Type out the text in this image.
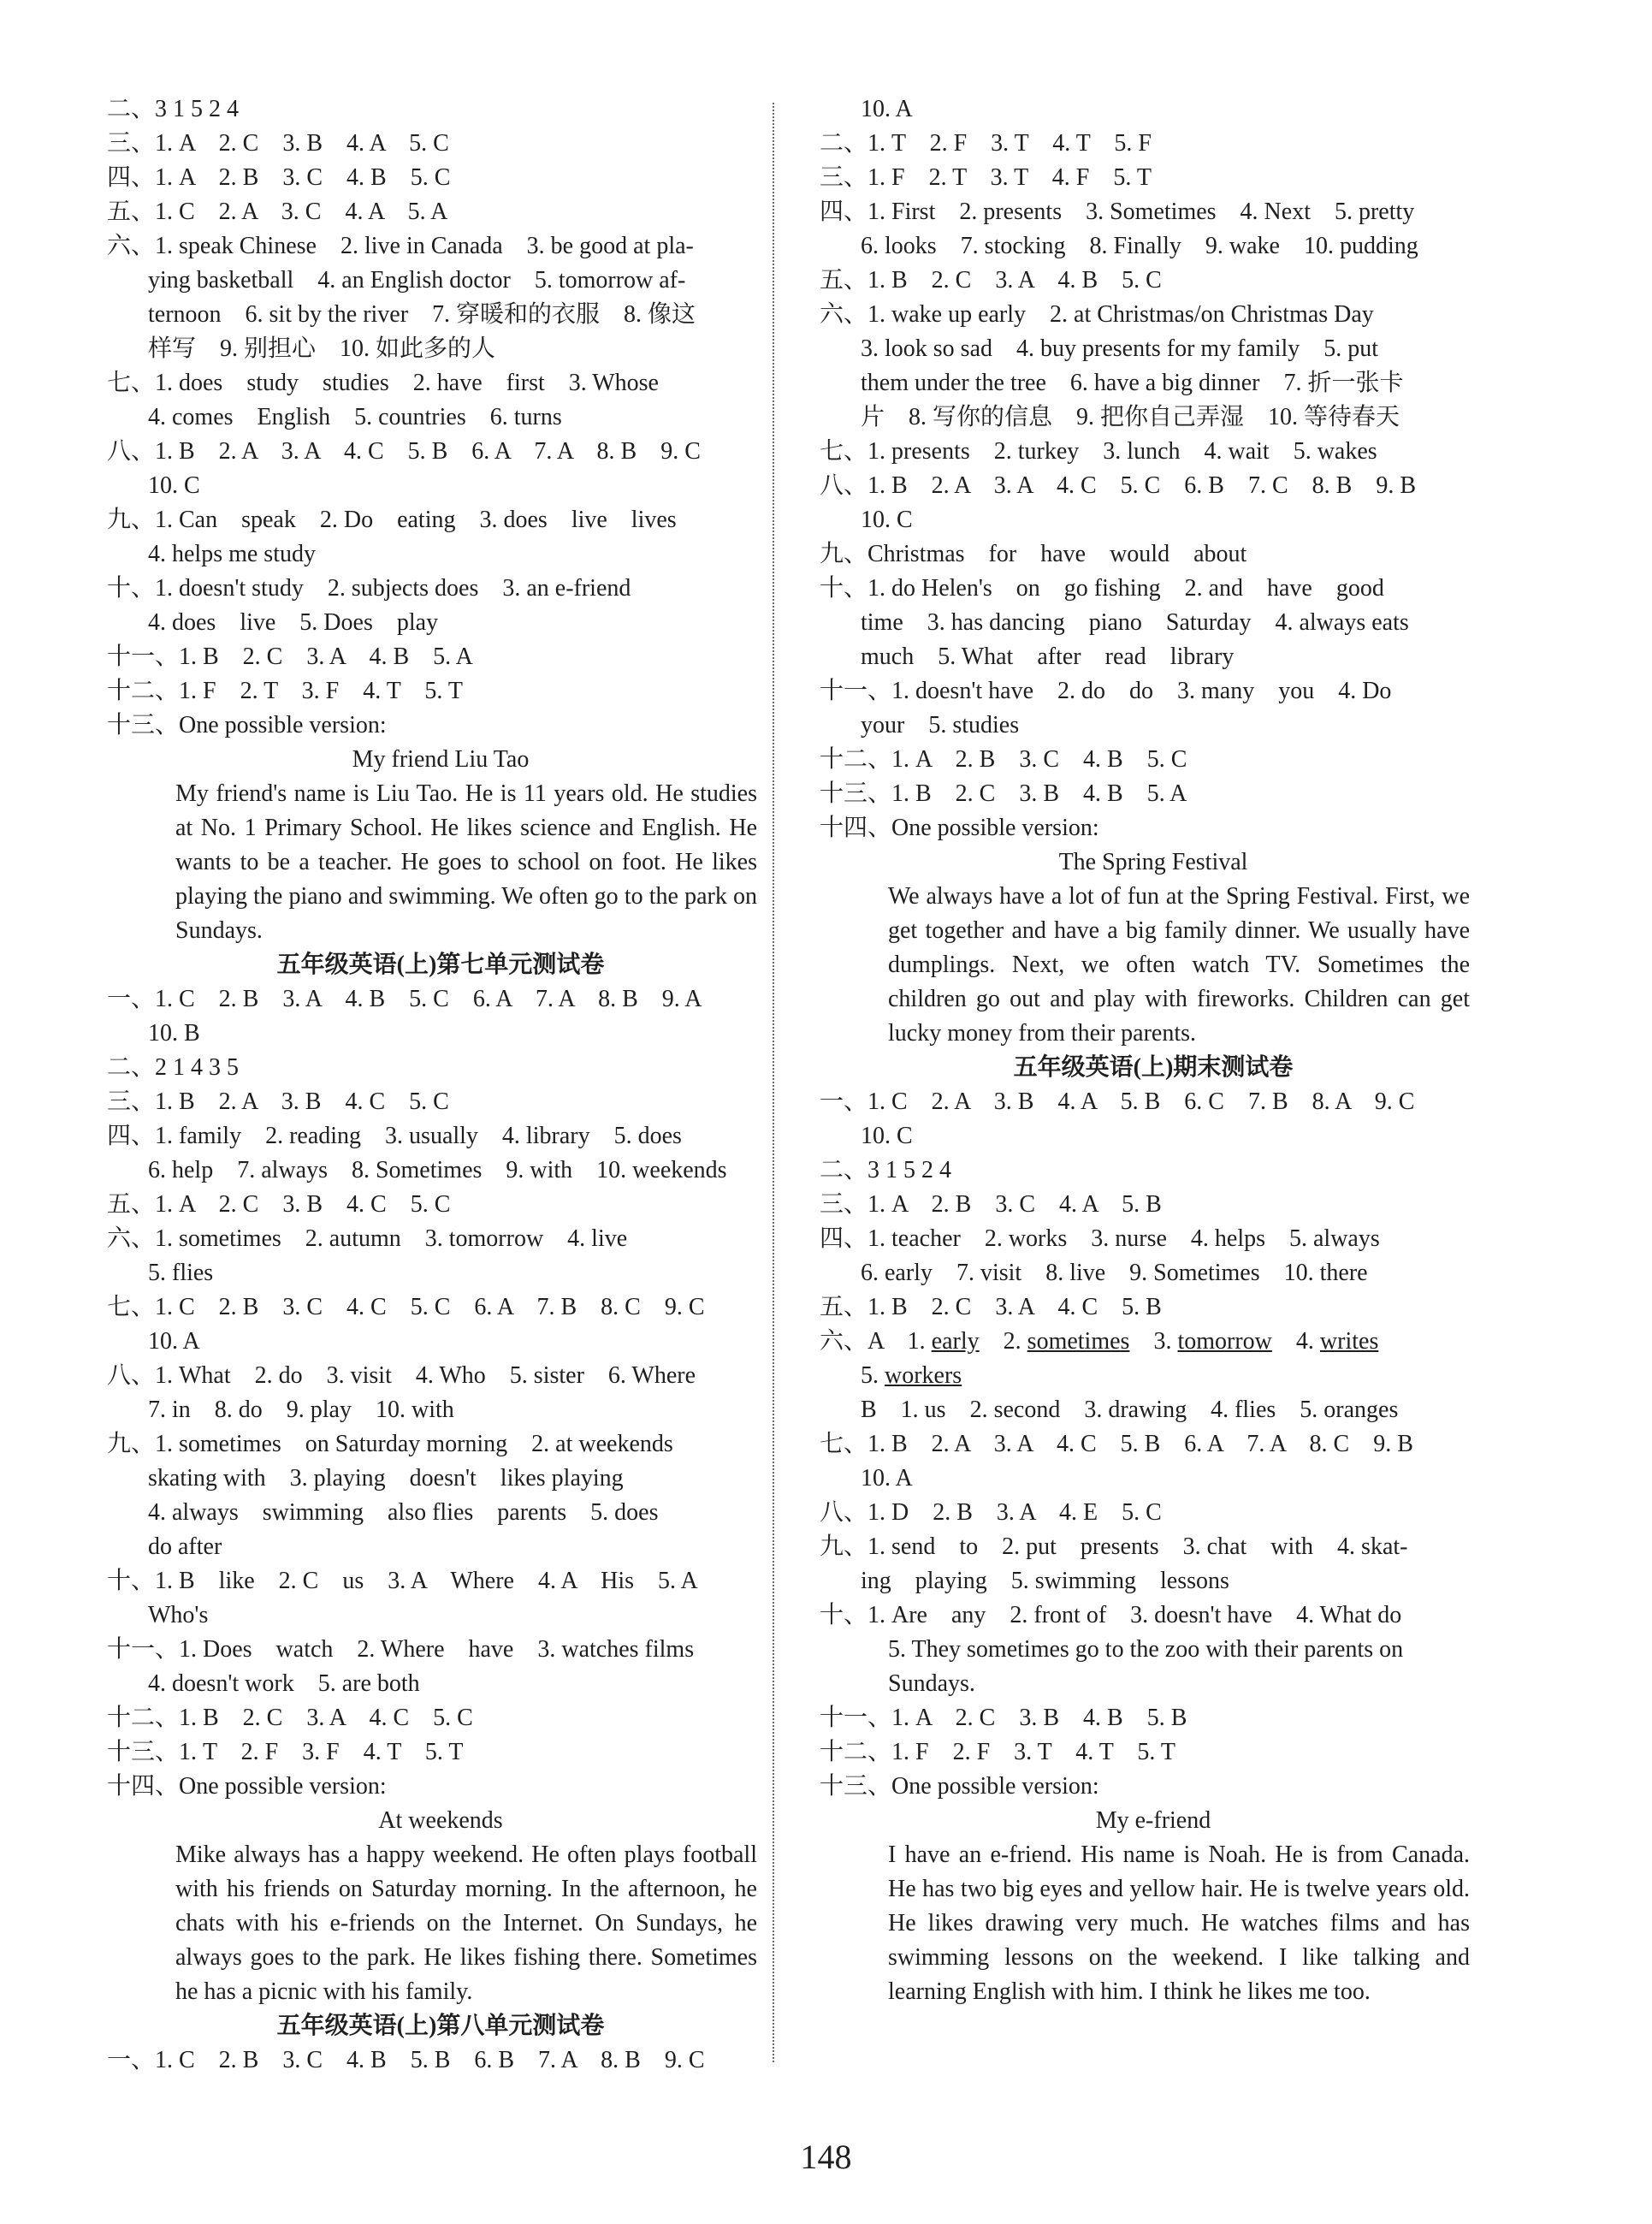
二、3 1 5 2 4
三、1. A　2. C　3. B　4. A　5. C
四、1. A　2. B　3. C　4. B　5. C
五、1. C　2. A　3. C　4. A　5. A
六、1. speak Chinese　2. live in Canada　3. be good at pla-
ying basketball　4. an English doctor　5. tomorrow af-
ternoon　6. sit by the river　7. 穿暖和的衣服　8. 像这
样写　9. 别担心　10. 如此多的人
七、1. does　study　studies　2. have　first　3. Whose
4. comes　English　5. countries　6. turns
八、1. B　2. A　3. A　4. C　5. B　6. A　7. A　8. B　9. C
10. C
九、1. Can　speak　2. Do　eating　3. does　live　lives
4. helps me study
十、1. doesn't study　2. subjects does　3. an e-friend
4. does　live　5. Does　play
十一、1. B　2. C　3. A　4. B　5. A
十二、1. F　2. T　3. F　4. T　5. T
十三、One possible version:
My friend Liu Tao
My friend's name is Liu Tao. He is 11 years old. He studies at No. 1 Primary School. He likes science and English. He wants to be a teacher. He goes to school on foot. He likes playing the piano and swimming. We often go to the park on Sundays.
五年级英语(上)第七单元测试卷
一、1. C　2. B　3. A　4. B　5. C　6. A　7. A　8. B　9. A
10. B
二、2 1 4 3 5
三、1. B　2. A　3. B　4. C　5. C
四、1. family　2. reading　3. usually　4. library　5. does
6. help　7. always　8. Sometimes　9. with　10. weekends
五、1. A　2. C　3. B　4. C　5. C
六、1. sometimes　2. autumn　3. tomorrow　4. live
5. flies
七、1. C　2. B　3. C　4. C　5. C　6. A　7. B　8. C　9. C
10. A
八、1. What　2. do　3. visit　4. Who　5. sister　6. Where
7. in　8. do　9. play　10. with
九、1. sometimes　on Saturday morning　2. at weekends
skating with　3. playing　doesn't　likes playing
4. always　swimming　also flies　parents　5. does
do after
十、1. B　like　2. C　us　3. A　Where　4. A　His　5. A
Who's
十一、1. Does　watch　2. Where　have　3. watches films
4. doesn't work　5. are both
十二、1. B　2. C　3. A　4. C　5. C
十三、1. T　2. F　3. F　4. T　5. T
十四、One possible version:
At weekends
Mike always has a happy weekend. He often plays football with his friends on Saturday morning. In the afternoon, he chats with his e-friends on the Internet. On Sundays, he always goes to the park. He likes fishing there. Sometimes he has a picnic with his family.
五年级英语(上)第八单元测试卷
一、1. C　2. B　3. C　4. B　5. B　6. B　7. A　8. B　9. C
10. A
二、1. T　2. F　3. T　4. T　5. F
三、1. F　2. T　3. T　4. F　5. T
四、1. First　2. presents　3. Sometimes　4. Next　5. pretty
6. looks　7. stocking　8. Finally　9. wake　10. pudding
五、1. B　2. C　3. A　4. B　5. C
六、1. wake up early　2. at Christmas/on Christmas Day
3. look so sad　4. buy presents for my family　5. put
them under the tree　6. have a big dinner　7. 折一张卡
片　8. 写你的信息　9. 把你自己弄湿　10. 等待春天
七、1. presents　2. turkey　3. lunch　4. wait　5. wakes
八、1. B　2. A　3. A　4. C　5. C　6. B　7. C　8. B　9. B
10. C
九、Christmas　for　have　would　about
十、1. do Helen's　on　go fishing　2. and　have　good
time　3. has dancing　piano　Saturday　4. always eats
much　5. What　after　read　library
十一、1. doesn't have　2. do　do　3. many　you　4. Do
your　5. studies
十二、1. A　2. B　3. C　4. B　5. C
十三、1. B　2. C　3. B　4. B　5. A
十四、One possible version:
The Spring Festival
We always have a lot of fun at the Spring Festival. First, we get together and have a big family dinner. We usually have dumplings. Next, we often watch TV. Sometimes the children go out and play with fireworks. Children can get lucky money from their parents.
五年级英语(上)期末测试卷
一、1. C　2. A　3. B　4. A　5. B　6. C　7. B　8. A　9. C
10. C
二、3 1 5 2 4
三、1. A　2. B　3. C　4. A　5. B
四、1. teacher　2. works　3. nurse　4. helps　5. always
6. early　7. visit　8. live　9. Sometimes　10. there
五、1. B　2. C　3. A　4. C　5. B
六、A　1. early　2. sometimes　3. tomorrow　4. writes
5. workers
B　1. us　2. second　3. drawing　4. flies　5. oranges
七、1. B　2. A　3. A　4. C　5. B　6. A　7. A　8. C　9. B
10. A
八、1. D　2. B　3. A　4. E　5. C
九、1. send　to　2. put　presents　3. chat　with　4. skat-
ing　playing　5. swimming　lessons
十、1. Are　any　2. front of　3. doesn't have　4. What do
5. They sometimes go to the zoo with their parents on Sundays.
十一、1. A　2. C　3. B　4. B　5. B
十二、1. F　2. F　3. T　4. T　5. T
十三、One possible version:
My e-friend
I have an e-friend. His name is Noah. He is from Canada. He has two big eyes and yellow hair. He is twelve years old. He likes drawing very much. He watches films and has swimming lessons on the weekend. I like talking and learning English with him. I think he likes me too.
148
